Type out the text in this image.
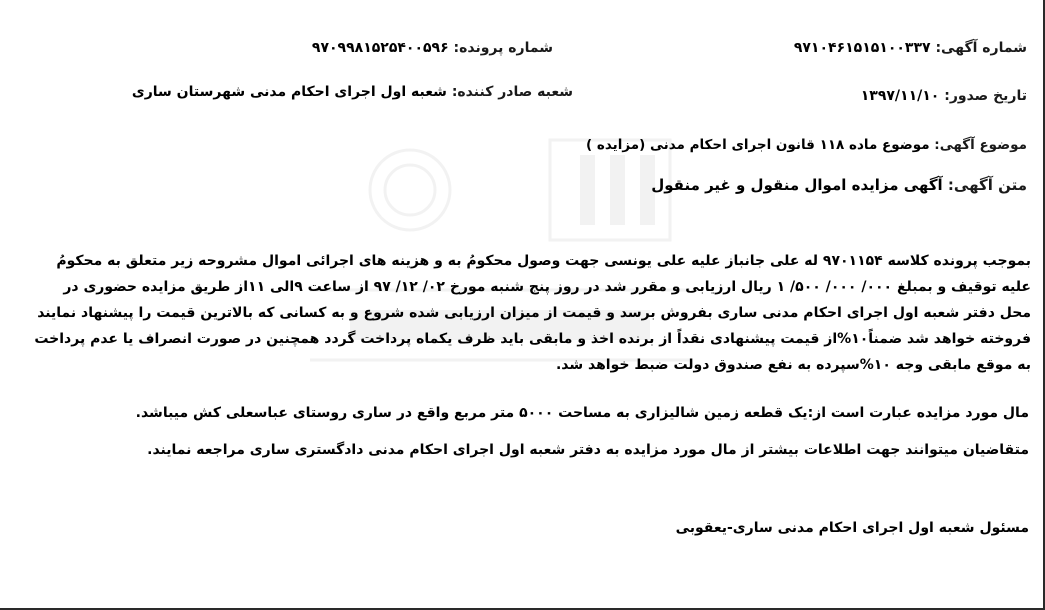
شماره آگهی: ۹۷۱۰۴۶۱۵۱۵۱۰۰۳۳۷
شماره پرونده: ۹۷۰۹۹۸۱۵۲۵۴۰۰۵۹۶
تاریخ صدور: ۱۳۹۷/۱۱/۱۰
شعبه صادر کننده: شعبه اول اجرای احکام مدنی شهرستان ساری
موضوع آگهی: موضوع ماده ۱۱۸ قانون اجرای احکام مدنی (مزایده )
متن آگهی: آگهی مزایده اموال منقول و غیر منقول
بموجب پرونده کلاسه ۹۷۰۱۱۵۴ له علی جانباز علیه علی یونسی جهت وصول محکومُ به و هزینه های اجرائی اموال مشروحه زیر متعلق به محکومُ
علیه توقیف و بمبلغ ۰۰۰/ ۰۰۰/ ۵۰۰/ ۱ ریال ارزیابی و مقرر شد در روز پنج شنبه مورخ ۰۲/ ۱۲/ ۹۷ از ساعت ۹الی ۱۱از طریق مزایده حضوری در
محل دفتر شعبه اول اجرای احکام مدنی ساری بفروش برسد و قیمت از میزان ارزیابی شده شروع و به کسانی که بالاترین قیمت را پیشنهاد نمایند
فروخته خواهد شد ضمناً۱۰%از قیمت پیشنهادی نقداً از برنده اخذ و مابقی باید ظرف یکماه پرداخت گردد همچنین در صورت انصراف یا عدم پرداخت
به موقع مابقی وجه ۱۰%سپرده به نفع صندوق دولت ضبط خواهد شد.
مال مورد مزایده عبارت است از:یک قطعه زمین شالیزاری به مساحت ۵۰۰۰ متر مربع واقع در ساری روستای عباسعلی کش میباشد.
متقاضیان میتوانند جهت اطلاعات بیشتر از مال مورد مزایده به دفتر شعبه اول اجرای احکام مدنی دادگستری ساری مراجعه نمایند.
مسئول شعبه اول اجرای احکام مدنی ساری-یعقوبی
